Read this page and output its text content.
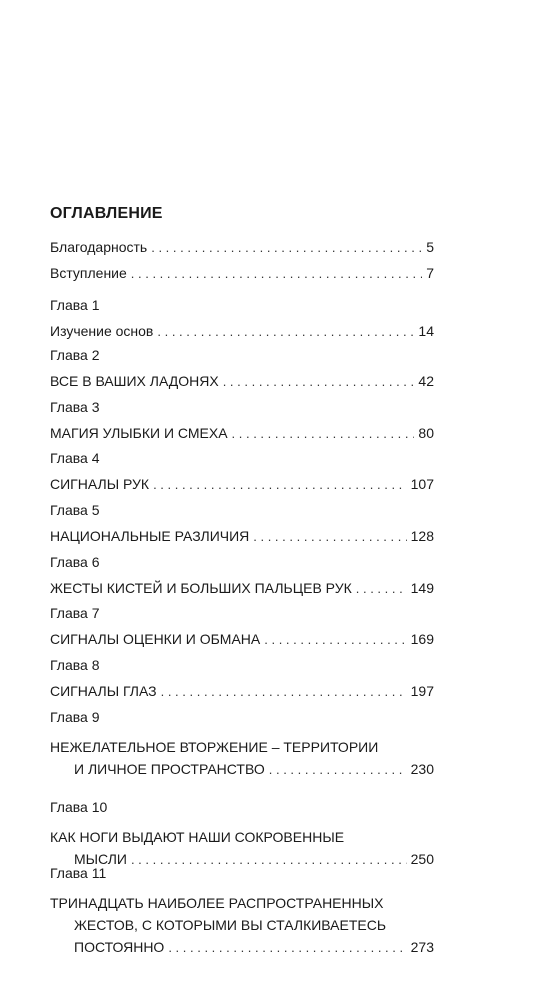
ОГЛАВЛЕНИЕ
Благодарность . . .	5
Вступление . . .	7
Глава 1
Изучение основ . . .	14
Глава 2
ВСЕ В ВАШИХ ЛАДОНЯХ . . .	42
Глава 3
МАГИЯ УЛЫБКИ И СМЕХА . . .	80
Глава 4
СИГНАЛЫ РУК . . .	107
Глава 5
НАЦИОНАЛЬНЫЕ РАЗЛИЧИЯ . . .	128
Глава 6
ЖЕСТЫ КИСТЕЙ И БОЛЬШИХ ПАЛЬЦЕВ РУК . . .	149
Глава 7
СИГНАЛЫ ОЦЕНКИ И ОБМАНА . . .	169
Глава 8
СИГНАЛЫ ГЛАЗ . . .	197
Глава 9
НЕЖЕЛАТЕЛЬНОЕ ВТОРЖЕНИЕ – ТЕРРИТОРИИ
И ЛИЧНОЕ ПРОСТРАНСТВО . . .	230
Глава 10
КАК НОГИ ВЫДАЮТ НАШИ СОКРОВЕННЫЕ
МЫСЛИ . . .	250
Глава 11
ТРИНАДЦАТЬ НАИБОЛЕЕ РАСПРОСТРАНЕННЫХ
ЖЕСТОВ, С КОТОРЫМИ ВЫ СТАЛКИВАЕТЕСЬ
ПОСТОЯННО . . .	273
